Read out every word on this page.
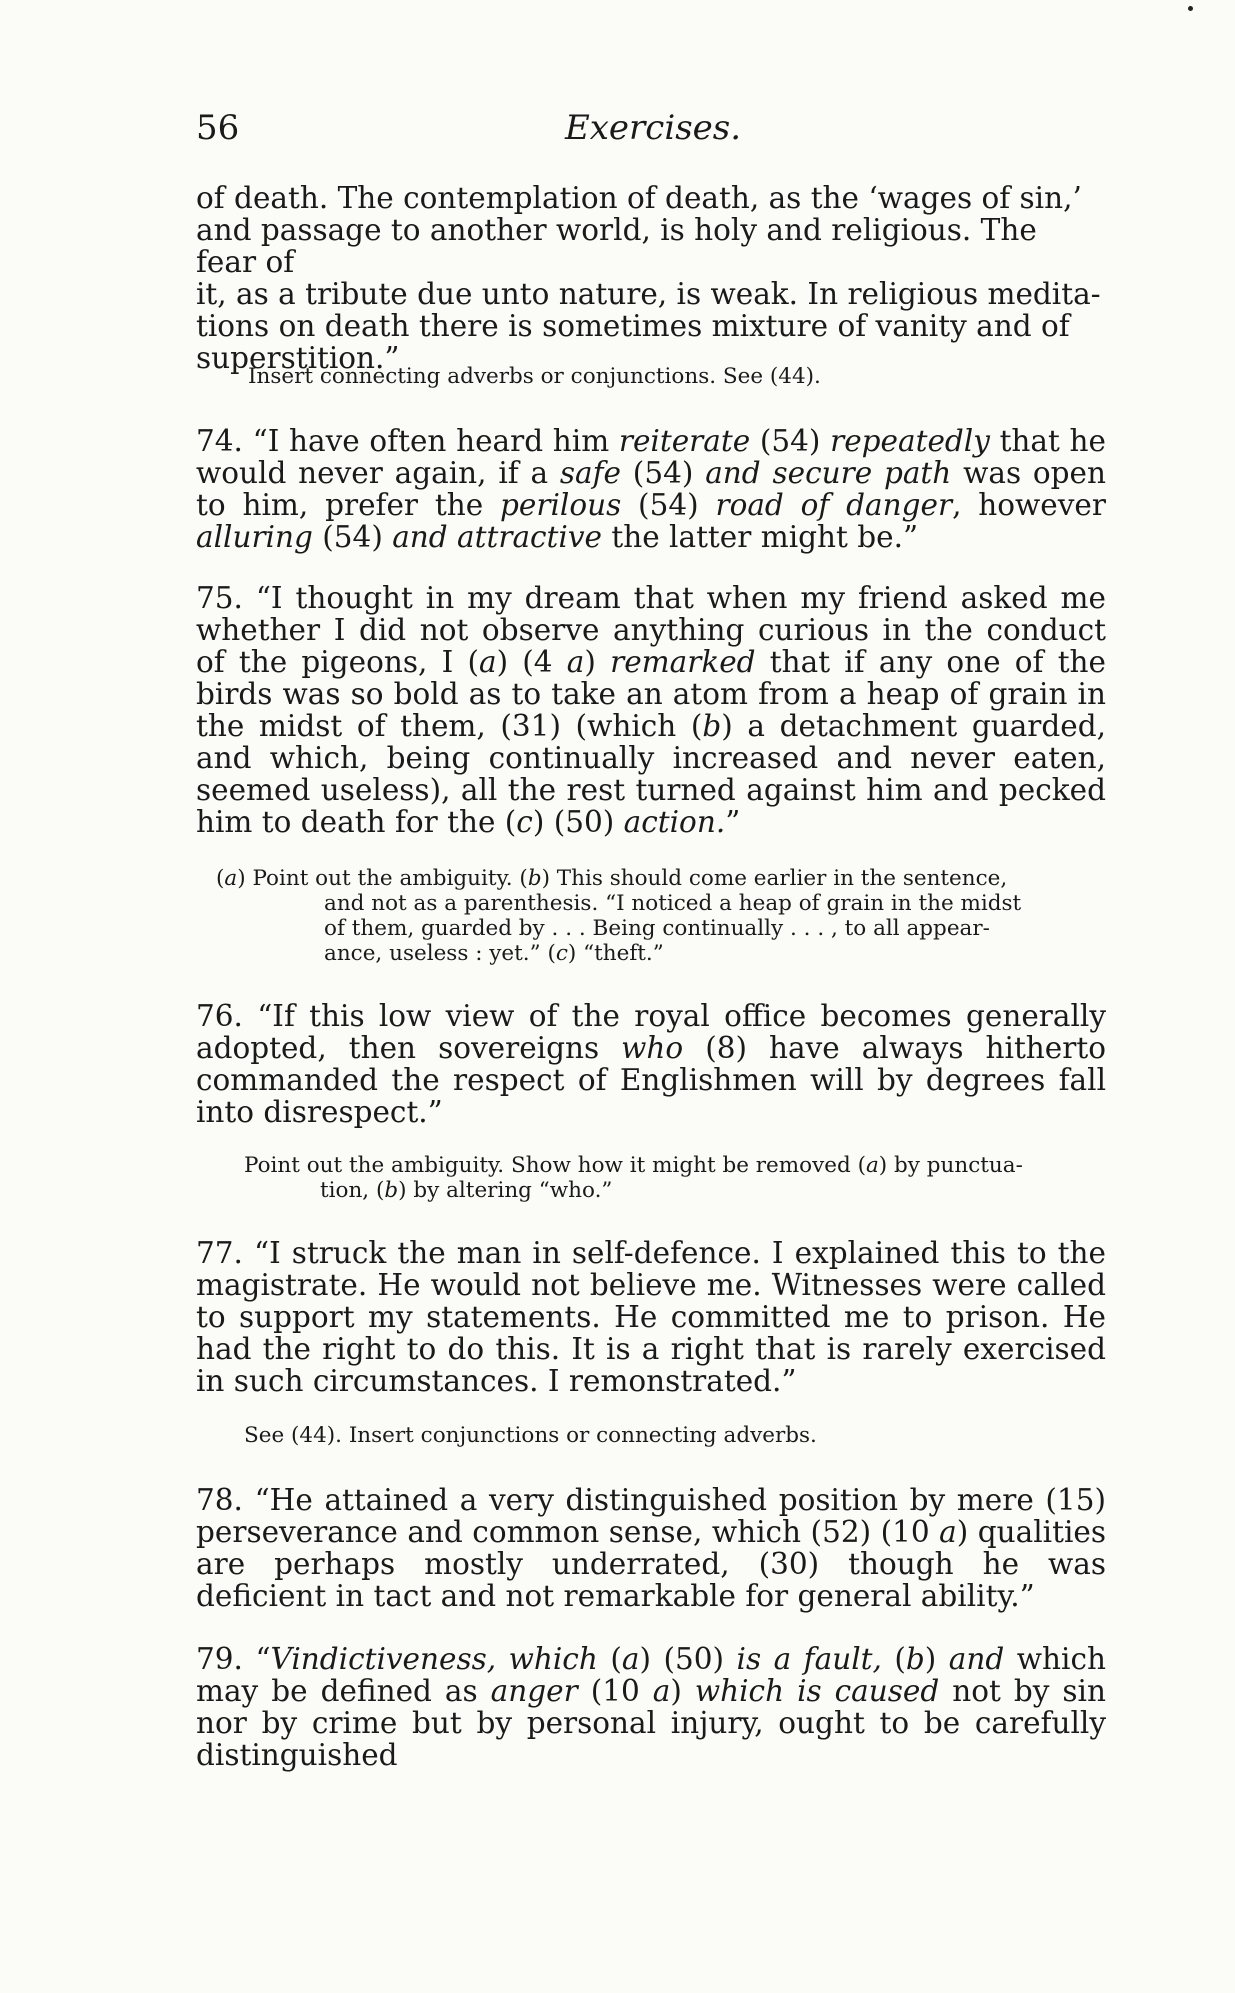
56	Exercises.
of death. The contemplation of death, as the ‘wages of sin,’
and passage to another world, is holy and religious. The fear of
it, as a tribute due unto nature, is weak. In religious medita-
tions on death there is sometimes mixture of vanity and of
superstition.”
Insert connecting adverbs or conjunctions. See (44).

74. “I have often heard him reiterate (54) repeatedly that he would never again, if a safe (54) and secure path was open to him, prefer the perilous (54) road of danger, however alluring (54) and attractive the latter might be.”

75. “I thought in my dream that when my friend asked me whether I did not observe anything curious in the conduct of the pigeons, I (a) (4 a) remarked that if any one of the birds was so bold as to take an atom from a heap of grain in the midst of them, (31) (which (b) a detachment guarded, and which, being continually increased and never eaten, seemed useless), all the rest turned against him and pecked him to death for the (c) (50) action.”

(a) Point out the ambiguity. (b) This should come earlier in the sentence,
and not as a parenthesis. “I noticed a heap of grain in the midst
of them, guarded by . . . Being continually . . . , to all appear-
ance, useless : yet.” (c) “theft.”

76. “If this low view of the royal office becomes generally adopted, then sovereigns who (8) have always hitherto commanded the respect of Englishmen will by degrees fall into disrespect.”

Point out the ambiguity. Show how it might be removed (a) by punctua-
tion, (b) by altering “who.”

77. “I struck the man in self-defence. I explained this to the magistrate. He would not believe me. Witnesses were called to support my statements. He committed me to prison. He had the right to do this. It is a right that is rarely exercised in such circumstances. I remonstrated.”

See (44). Insert conjunctions or connecting adverbs.

78. “He attained a very distinguished position by mere (15) perseverance and common sense, which (52) (10 a) qualities are perhaps mostly underrated, (30) though he was deficient in tact and not remarkable for general ability.”

79. “Vindictiveness, which (a) (50) is a fault, (b) and which may be defined as anger (10 a) which is caused not by sin nor by crime but by personal injury, ought to be carefully distinguished
